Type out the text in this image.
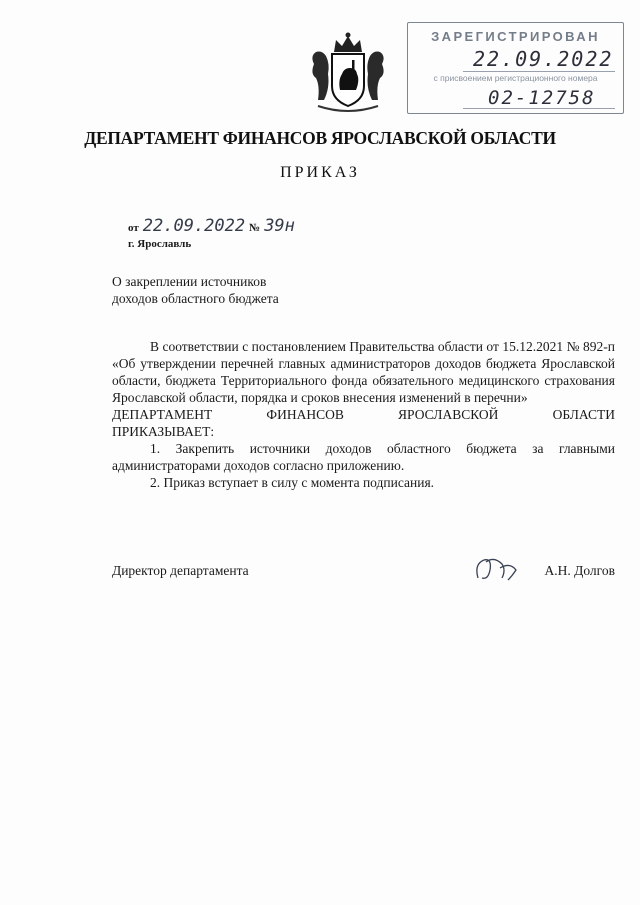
ЗАРЕГИСТРИРОВАН
22.09.2022
с присвоением регистрационного номера
02-12758
ДЕПАРТАМЕНТ ФИНАНСОВ ЯРОСЛАВСКОЙ ОБЛАСТИ
ПРИКАЗ
от 22.09.2022 № 39н
г. Ярославль
О закреплении источников
доходов областного бюджета

В соответствии с постановлением Правительства области от 15.12.2021 № 892-п «Об утверждении перечней главных администраторов доходов бюджета Ярославской области, бюджета Территориального фонда обязательного медицинского страхования Ярославской области, порядка и сроков внесения изменений в перечни»

ДЕПАРТАМЕНТ	ФИНАНСОВ	ЯРОСЛАВСКОЙ	ОБЛАСТИ

ПРИКАЗЫВАЕТ:

1. Закрепить источники доходов областного бюджета за главными администраторами доходов согласно приложению.

2. Приказ вступает в силу с момента подписания.

Директор департамента	А.Н. Долгов
